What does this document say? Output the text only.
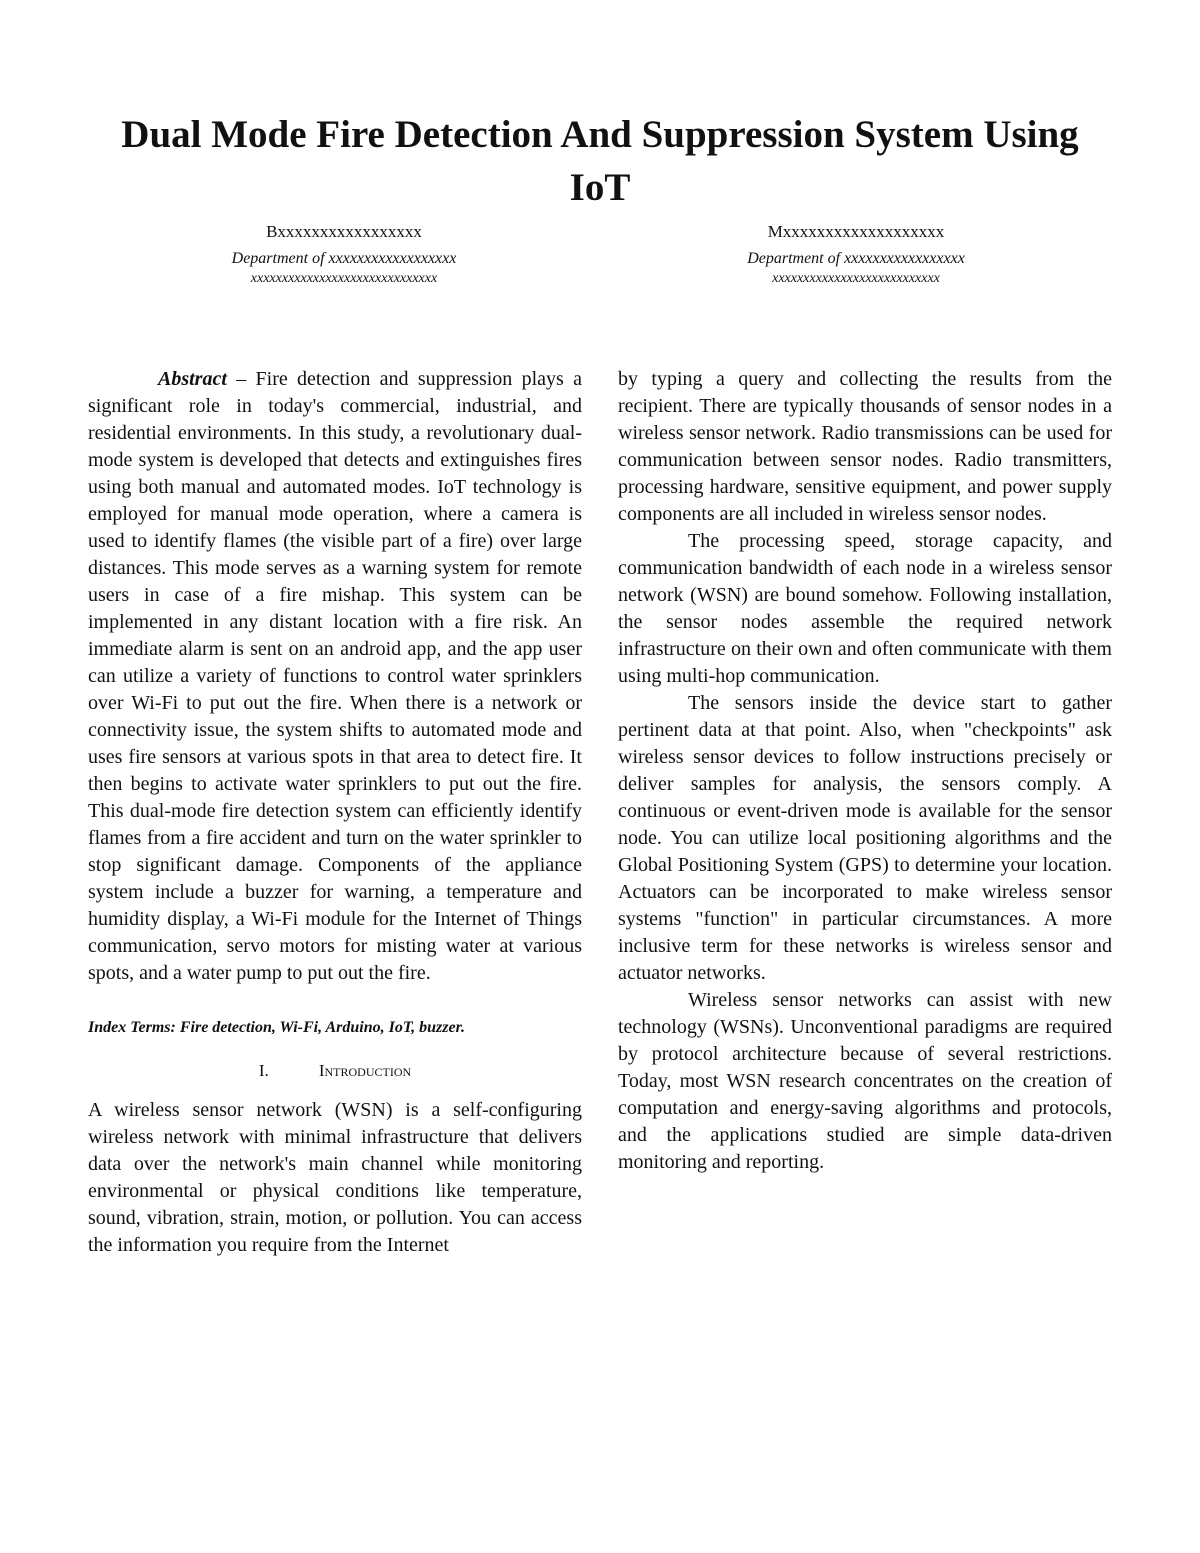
Dual Mode Fire Detection And Suppression System Using IoT
Bxxxxxxxxxxxxxxxxx
Department of xxxxxxxxxxxxxxxxxx
xxxxxxxxxxxxxxxxxxxxxxxxxxxxxx
Mxxxxxxxxxxxxxxxxxxx
Department of xxxxxxxxxxxxxxxxx
xxxxxxxxxxxxxxxxxxxxxxxxxxx

Abstract – Fire detection and suppression plays a significant role in today's commercial, industrial, and residential environments. In this study, a revolutionary dual-mode system is developed that detects and extinguishes fires using both manual and automated modes. IoT technology is employed for manual mode operation, where a camera is used to identify flames (the visible part of a fire) over large distances. This mode serves as a warning system for remote users in case of a fire mishap. This system can be implemented in any distant location with a fire risk. An immediate alarm is sent on an android app, and the app user can utilize a variety of functions to control water sprinklers over Wi-Fi to put out the fire. When there is a network or connectivity issue, the system shifts to automated mode and uses fire sensors at various spots in that area to detect fire. It then begins to activate water sprinklers to put out the fire. This dual-mode fire detection system can efficiently identify flames from a fire accident and turn on the water sprinkler to stop significant damage. Components of the appliance system include a buzzer for warning, a temperature and humidity display, a Wi-Fi module for the Internet of Things communication, servo motors for misting water at various spots, and a water pump to put out the fire.

Index Terms: Fire detection, Wi-Fi, Arduino, IoT, buzzer.

I.	Introduction

A wireless sensor network (WSN) is a self-configuring wireless network with minimal infrastructure that delivers data over the network's main channel while monitoring environmental or physical conditions like temperature, sound, vibration, strain, motion, or pollution. You can access the information you require from the Internet

by typing a query and collecting the results from the recipient. There are typically thousands of sensor nodes in a wireless sensor network. Radio transmissions can be used for communication between sensor nodes. Radio transmitters, processing hardware, sensitive equipment, and power supply components are all included in wireless sensor nodes.

The processing speed, storage capacity, and communication bandwidth of each node in a wireless sensor network (WSN) are bound somehow. Following installation, the sensor nodes assemble the required network infrastructure on their own and often communicate with them using multi-hop communication.

The sensors inside the device start to gather pertinent data at that point. Also, when "checkpoints" ask wireless sensor devices to follow instructions precisely or deliver samples for analysis, the sensors comply. A continuous or event-driven mode is available for the sensor node. You can utilize local positioning algorithms and the Global Positioning System (GPS) to determine your location. Actuators can be incorporated to make wireless sensor systems "function" in particular circumstances. A more inclusive term for these networks is wireless sensor and actuator networks.

Wireless sensor networks can assist with new technology (WSNs). Unconventional paradigms are required by protocol architecture because of several restrictions. Today, most WSN research concentrates on the creation of computation and energy-saving algorithms and protocols, and the applications studied are simple data-driven monitoring and reporting.
